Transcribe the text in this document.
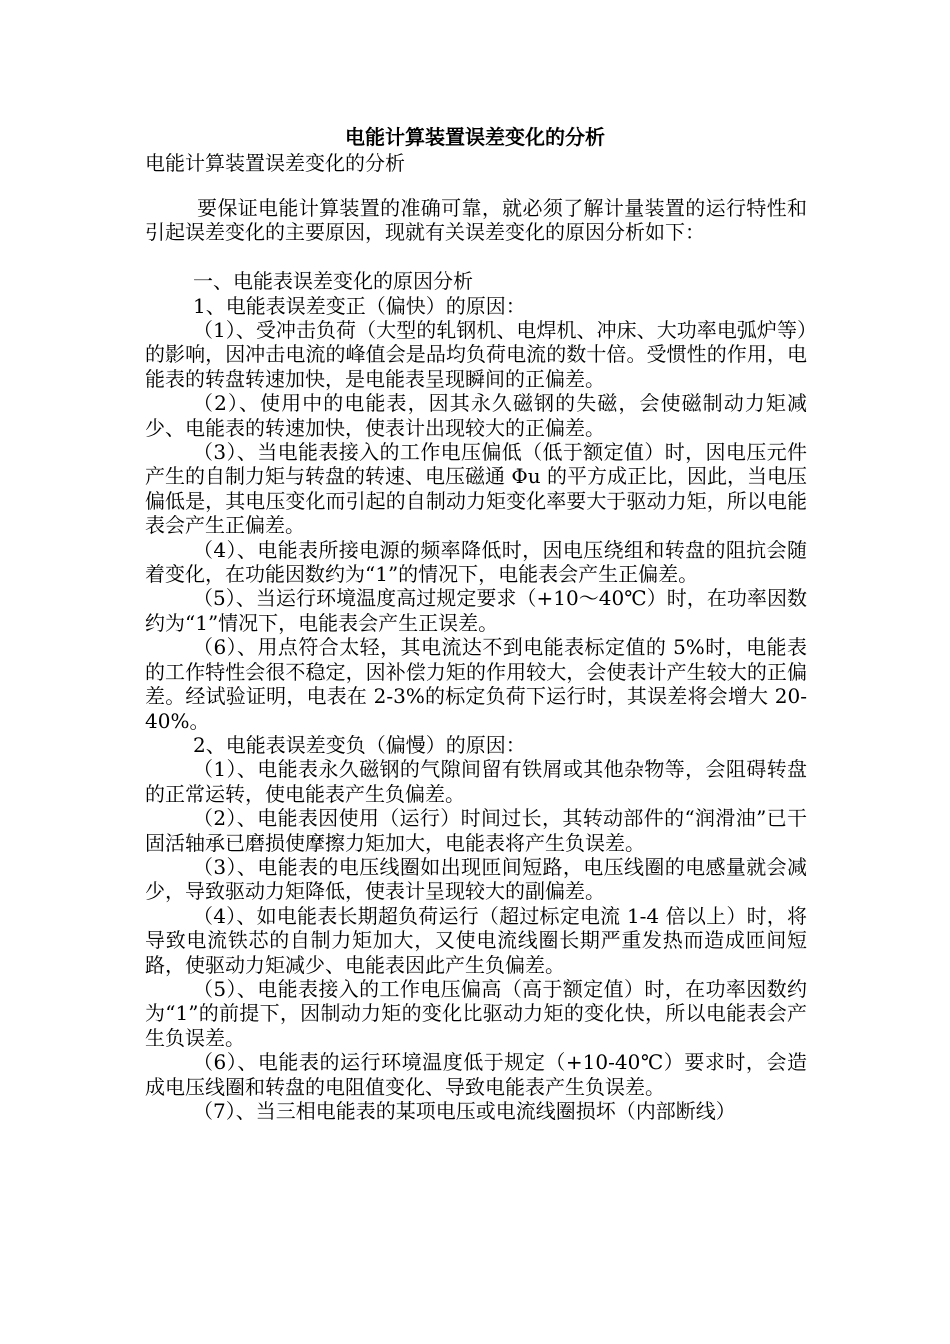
电能计算装置误差变化的分析
电能计算装置误差变化的分析

要保证电能计算装置的准确可靠，就必须了解计量装置的运行特性和引起误差变化的主要原因，现就有关误差变化的原因分析如下：

一、电能表误差变化的原因分析

1、电能表误差变正（偏快）的原因：

（1）、受冲击负荷（大型的轧钢机、电焊机、冲床、大功率电弧炉等）的影响，因冲击电流的峰值会是品均负荷电流的数十倍。受惯性的作用，电能表的转盘转速加快，是电能表呈现瞬间的正偏差。

（2）、使用中的电能表，因其永久磁钢的失磁，会使磁制动力矩减少、电能表的转速加快，使表计出现较大的正偏差。

（3）、当电能表接入的工作电压偏低（低于额定值）时，因电压元件产生的自制力矩与转盘的转速、电压磁通 Φu 的平方成正比，因此，当电压偏低是，其电压变化而引起的自制动力矩变化率要大于驱动力矩，所以电能表会产生正偏差。

（4）、电能表所接电源的频率降低时，因电压绕组和转盘的阻抗会随着变化，在功能因数约为“1”的情况下，电能表会产生正偏差。

（5）、当运行环境温度高过规定要求（+10～40℃）时，在功率因数约为“1”情况下，电能表会产生正误差。

（6）、用点符合太轻，其电流达不到电能表标定值的 5%时，电能表的工作特性会很不稳定，因补偿力矩的作用较大，会使表计产生较大的正偏差。经试验证明，电表在 2-3%的标定负荷下运行时，其误差将会增大 20-40%。

2、电能表误差变负（偏慢）的原因：

（1）、电能表永久磁钢的气隙间留有铁屑或其他杂物等，会阻碍转盘的正常运转，使电能表产生负偏差。

（2）、电能表因使用（运行）时间过长，其转动部件的“润滑油”已干固活轴承已磨损使摩擦力矩加大，电能表将产生负误差。

（3）、电能表的电压线圈如出现匝间短路，电压线圈的电感量就会减少，导致驱动力矩降低，使表计呈现较大的副偏差。

（4）、如电能表长期超负荷运行（超过标定电流 1-4 倍以上）时，将导致电流铁芯的自制力矩加大，又使电流线圈长期严重发热而造成匝间短路，使驱动力矩减少、电能表因此产生负偏差。

（5）、电能表接入的工作电压偏高（高于额定值）时，在功率因数约为“1”的前提下，因制动力矩的变化比驱动力矩的变化快，所以电能表会产生负误差。

（6）、电能表的运行环境温度低于规定（+10-40℃）要求时，会造成电压线圈和转盘的电阻值变化、导致电能表产生负误差。

（7）、当三相电能表的某项电压或电流线圈损坏（内部断线）
